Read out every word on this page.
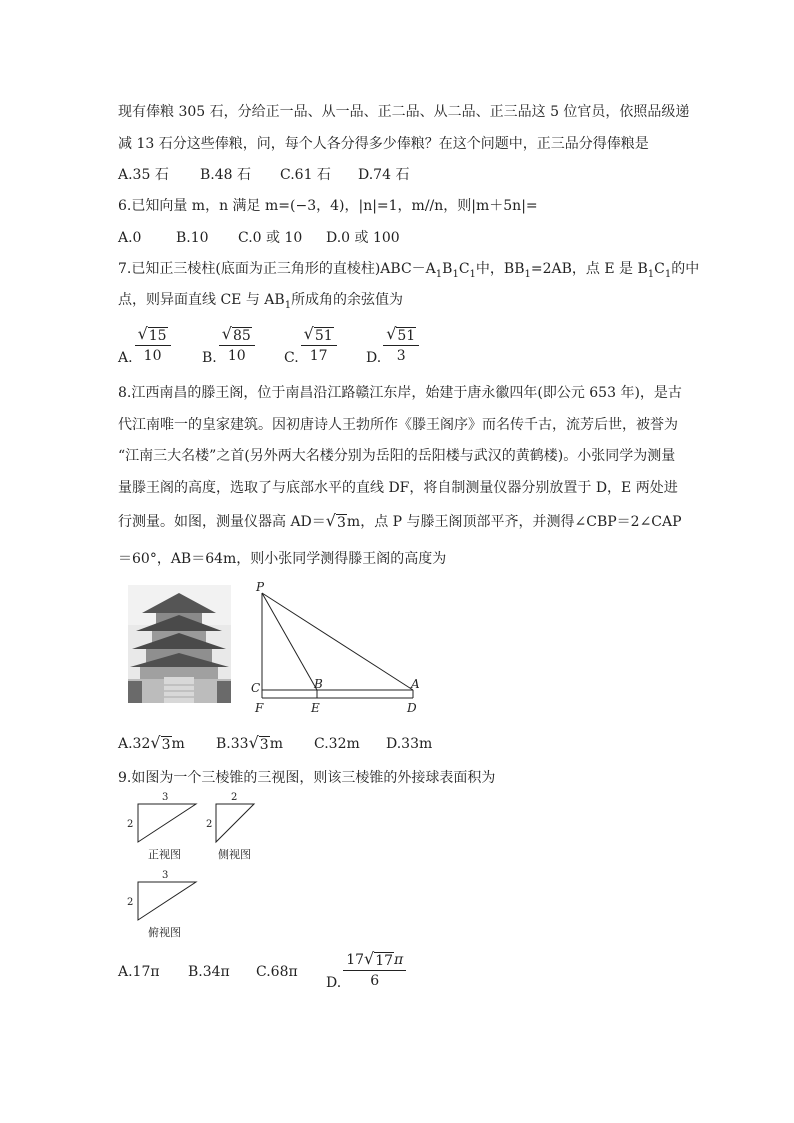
现有俸粮 305 石，分给正一品、从一品、正二品、从二品、正三品这 5 位官员，依照品级递
减 13 石分这些俸粮，问，每个人各分得多少俸粮？在这个问题中，正三品分得俸粮是
A.35 石 B.48 石 C.61 石 D.74 石
6.已知向量 m，n 满足 m=(−3，4)，|n|=1，m//n，则|m＋5n|=
A.0 B.10 C.0 或 10 D.0 或 100
7.已知正三棱柱(底面为正三角形的直棱柱)$ABC-A_1B_1C_1$中，$BB_1=2AB$，点 E 是 $B_1C_1$的中
点，则异面直线 CE 与 $AB_1$所成角的余弦值为
A. $\frac{√ 15}{10} B$. $\frac{√ 85}{10} C$. $\frac{√ 51}{17} D$. $\frac{√ 51}{3}$
8.江西南昌的滕王阁，位于南昌沿江路赣江东岸，始建于唐永徽四年(即公元 653 年)，是古
代江南唯一的皇家建筑。因初唐诗人王勃所作《滕王阁序》而名传千古，流芳后世，被誉为
“江南三大名楼”之首(另外两大名楼分别为岳阳的岳阳楼与武汉的黄鹤楼)。小张同学为测量
量滕王阁的高度，选取了与底部水平的直线 DF，将自制测量仪器分别放置于 D，E 两处进
行测量。如图，测量仪器高 AD＝ √ 3 m，点 P 与滕王阁顶部平齐，并测得∠CBP＝2∠CAP
＝60°，AB＝64m，则小张同学测得滕王阁的高度为
P
C	B	A
F	E	D
A.32 √ 3 m B.33 √ 3 m C.32m D.33m
9.如图为一个三棱锥的三视图，则该三棱锥的外接球表面积为
3
2
正视图
2
2
侧视图
3
2
俯视图
A.17π B.34π C.68π
D. $\frac{17 √ 17 \pi}{6}$
